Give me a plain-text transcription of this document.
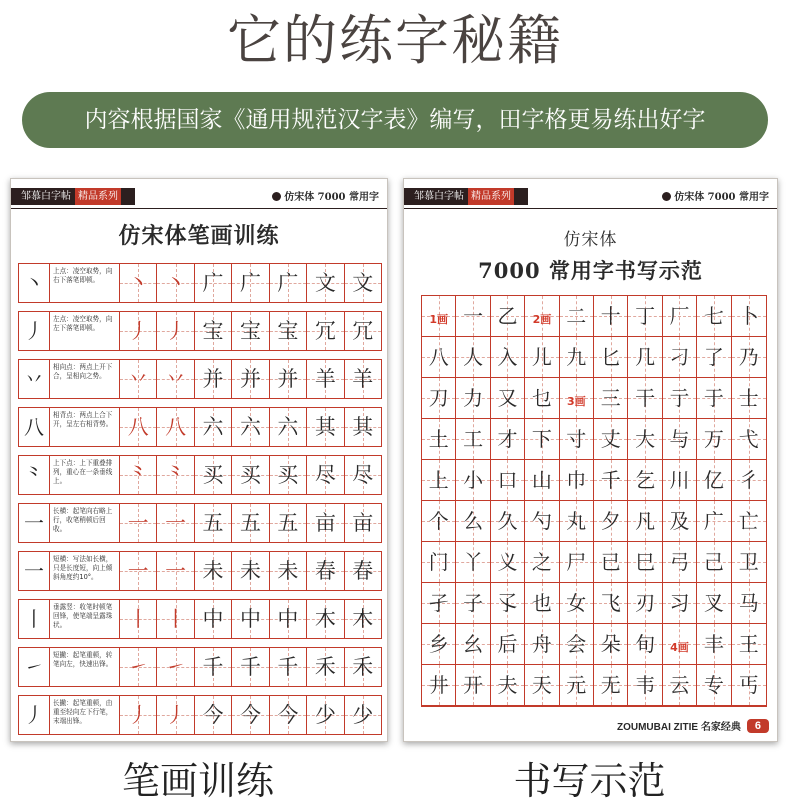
它的练字秘籍
内容根据国家《通用规范汉字表》编写，田字格更易练出好字
邹慕白字帖 精品系列	仿宋体 7000 常用字
仿宋体笔画训练
丶	上点：凌空取势，向右下落笔即顿。	丶 丶 广 广 广 文 文
丿	左点：凌空取势，向左下落笔即顿。	丿 丿 宝 宝 宝 冗 冗
丷	相向点：两点上开下合，呈相向之势。	丷 丷 并 并 并 羊 羊
八	相背点：两点上合下开，呈左右相背势。 八 八 六 六 六 其 其
⺀	上下点：上下重叠排列，重心在一条垂线上。	⺀ ⺀ 买 买 买 尽 尽
一	长横：起笔向右略上行，收笔稍顿后回收。	一 一 五 五 五 亩 亩
一	短横：写法如长横，只是长度短，向上倾斜角度约10°。	一 一 未 未 未 春 春
丨	垂露竖：收笔时顿笔回锋，使笔端呈露珠状。	丨 丨 中 中 中 木 木
㇀	短撇：起笔重顿，转笔向左，快速出锋。 ㇀ ㇀ 千 千 千 禾 禾
丿	长撇：起笔重顿，由重至轻向左下行笔，末端出锋。	丿 丿 今 今 今 少 少
邹慕白字帖 精品系列	仿宋体 7000 常用字
仿宋体
7000 常用字书写示范
1画 一 乙	2画 二 十 丁 厂 七 卜
八 人 入 儿 九 匕 几 刁 了 乃
刀 力 又 乜	3画 三 干 亍 于 士
土 工 才 下 寸 丈 大 与 万 弋
上 小 口 山 巾 千 乞 川 亿 彳
个 么 久 勺 丸 夕 凡 及 广 亡
门 丫 义 之 尸 已 巳 弓 己 卫
孑 子 孓 也 女 飞 刃 习 叉 马
乡 幺 后 舟 会 朵 旬	4画 丰 王
井 开 夫 天 元 无 韦 云 专 丐
ZOUMUBAI ZITIE 名家经典	6
笔画训练	书写示范
